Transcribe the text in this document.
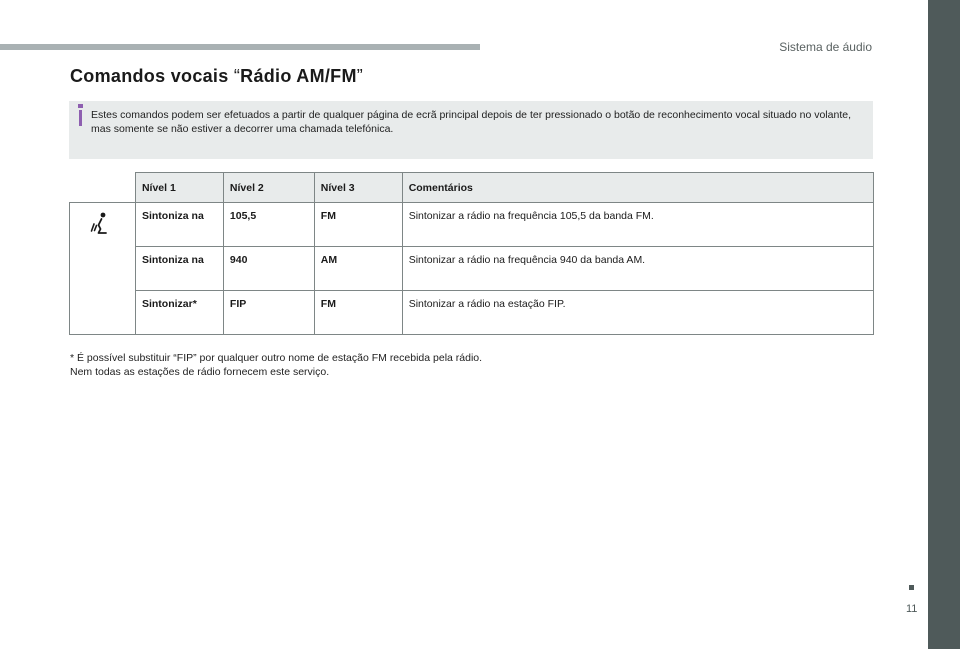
Sistema de áudio
Comandos vocais “Rádio AM/FM”
Estes comandos podem ser efetuados a partir de qualquer página de ecrã principal depois de ter pressionado o botão de reconhecimento vocal situado no volante, mas somente se não estiver a decorrer uma chamada telefónica.
	Nível 1	Nível 2	Nível 3	Comentários
	Sintoniza na	105,5	FM	Sintonizar a rádio na frequência 105,5 da banda FM.
	Sintoniza na	940	AM	Sintonizar a rádio na frequência 940 da banda AM.
	Sintonizar*	FIP	FM	Sintonizar a rádio na estação FIP.
* É possível substituir “FIP” por qualquer outro nome de estação FM recebida pela rádio.
Nem todas as estações de rádio fornecem este serviço.
11
